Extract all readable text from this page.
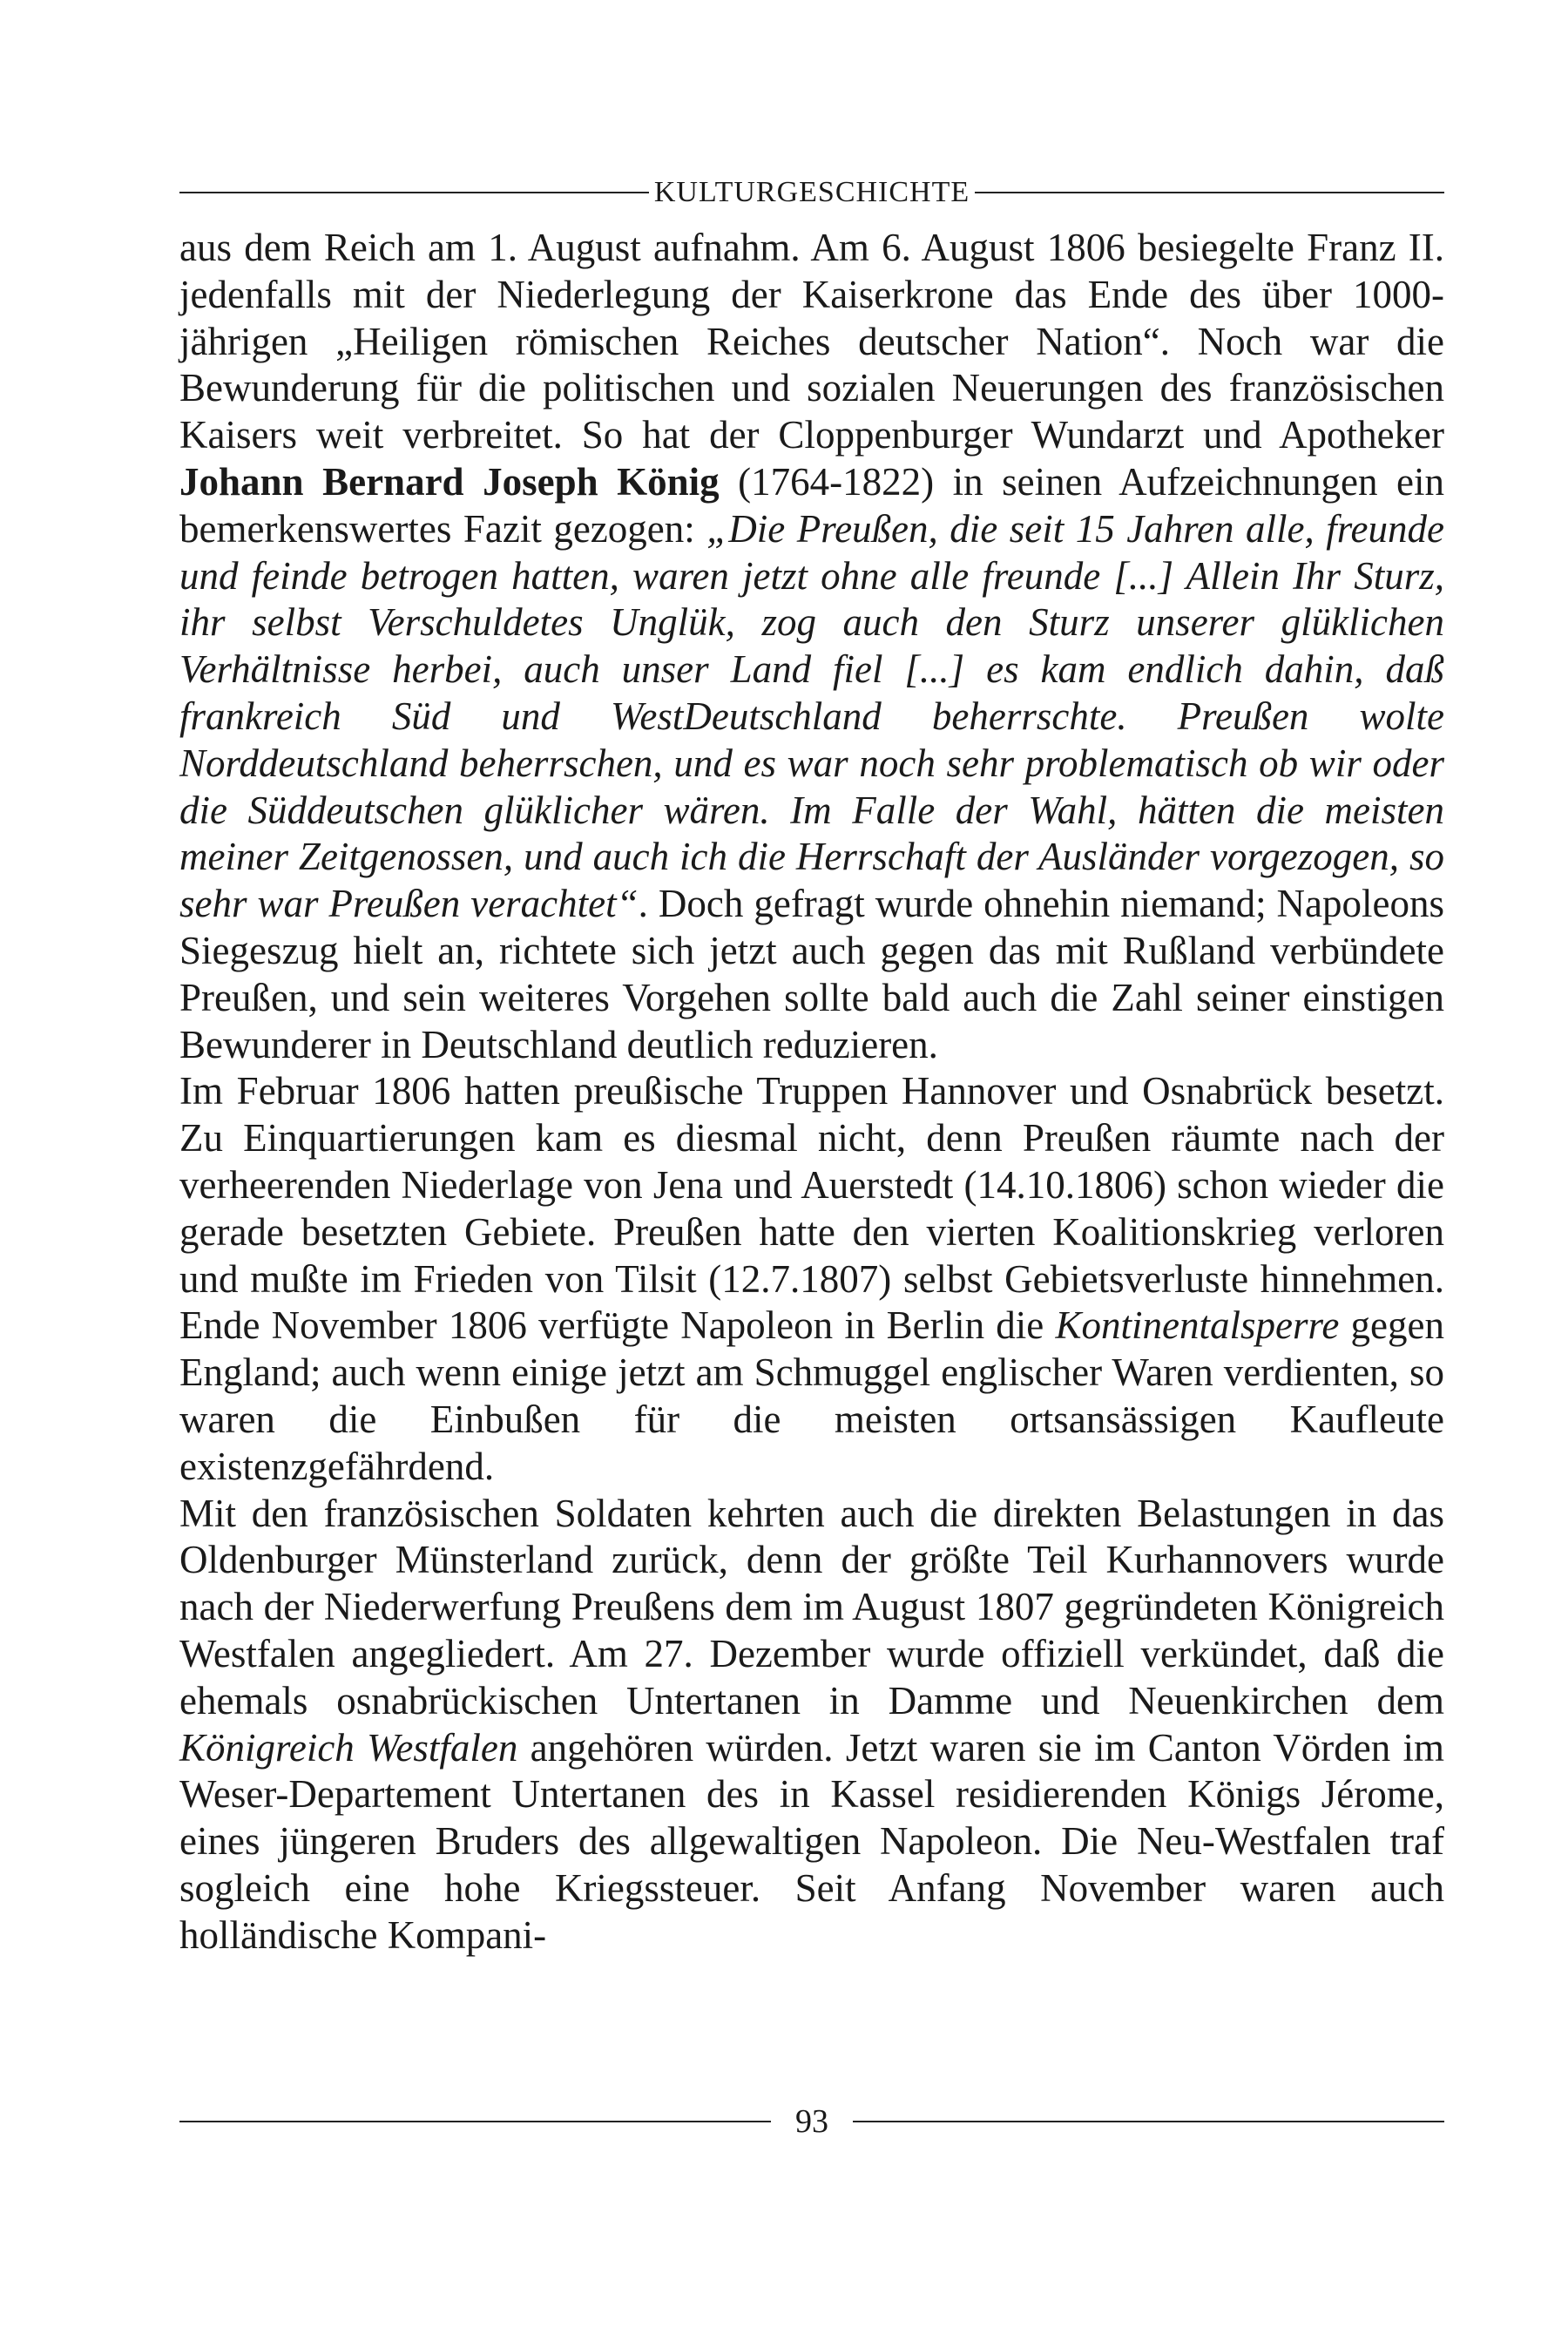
KULTURGESCHICHTE

aus dem Reich am 1. August aufnahm. Am 6. August 1806 besiegelte Franz II. jedenfalls mit der Niederlegung der Kaiserkrone das Ende des über 1000-jährigen „Heiligen römischen Reiches deutscher Nation“. Noch war die Bewunderung für die politischen und sozialen Neuerungen des französischen Kaisers weit verbreitet. So hat der Cloppenburger Wundarzt und Apotheker Johann Bernard Joseph König (1764-1822) in seinen Aufzeichnungen ein bemerkenswertes Fazit gezogen: „Die Preußen, die seit 15 Jahren alle, freunde und feinde betrogen hatten, waren jetzt ohne alle freunde [...] Allein Ihr Sturz, ihr selbst Verschuldetes Unglük, zog auch den Sturz unserer glüklichen Verhältnisse herbei, auch unser Land fiel [...] es kam endlich dahin, daß frankreich Süd und WestDeutschland beherrschte. Preußen wolte Norddeutschland beherrschen, und es war noch sehr problematisch ob wir oder die Süddeutschen glüklicher wären. Im Falle der Wahl, hätten die meisten meiner Zeitgenossen, und auch ich die Herrschaft der Ausländer vorgezogen, so sehr war Preußen verachtet“. Doch gefragt wurde ohnehin niemand; Napoleons Siegeszug hielt an, richtete sich jetzt auch gegen das mit Rußland verbündete Preußen, und sein weiteres Vorgehen sollte bald auch die Zahl seiner einstigen Bewunderer in Deutschland deutlich reduzieren.

Im Februar 1806 hatten preußische Truppen Hannover und Osnabrück besetzt. Zu Einquartierungen kam es diesmal nicht, denn Preußen räumte nach der verheerenden Niederlage von Jena und Auerstedt (14.10.1806) schon wieder die gerade besetzten Gebiete. Preußen hatte den vierten Koalitionskrieg verloren und mußte im Frieden von Tilsit (12.7.1807) selbst Gebietsverluste hinnehmen. Ende November 1806 verfügte Napoleon in Berlin die Kontinentalsperre gegen England; auch wenn einige jetzt am Schmuggel englischer Waren verdienten, so waren die Einbußen für die meisten ortsansässigen Kaufleute existenzgefährdend.

Mit den französischen Soldaten kehrten auch die direkten Belastungen in das Oldenburger Münsterland zurück, denn der größte Teil Kurhannovers wurde nach der Niederwerfung Preußens dem im August 1807 gegründeten Königreich Westfalen angegliedert. Am 27. Dezember wurde offiziell verkündet, daß die ehemals osnabrückischen Untertanen in Damme und Neuenkirchen dem Königreich Westfalen angehören würden. Jetzt waren sie im Canton Vörden im Weser-Departement Untertanen des in Kassel residierenden Königs Jérome, eines jüngeren Bruders des allgewaltigen Napoleon. Die Neu-Westfalen traf sogleich eine hohe Kriegssteuer. Seit Anfang November waren auch holländische Kompani-

93
